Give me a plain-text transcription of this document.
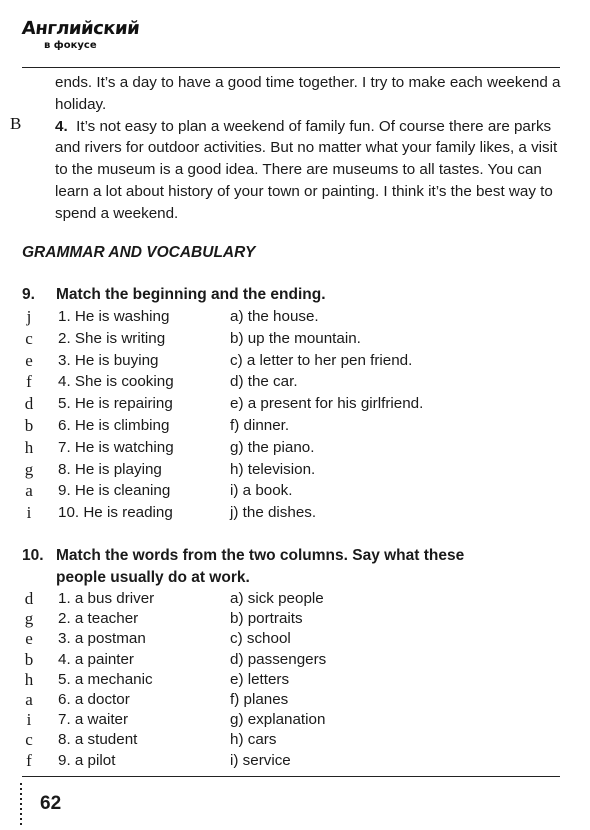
Английский
в фокусе
B

ends. It’s a day to have a good time together. I try to make each weekend a holiday.

4. It’s not easy to plan a weekend of family fun. Of course there are parks and rivers for outdoor activities. But no matter what your family likes, a visit to the museum is a good idea. There are museums to all tastes. You can learn a lot about history of your town or painting. I think it’s the best way to spend a weekend.

GRAMMAR AND VOCABULARY
9. Match the beginning and the ending.
j	1. He is washing	a) the house.
c	2. She is writing	b) up the mountain.
e	3. He is buying	c) a letter to her pen friend.
f	4. She is cooking	d) the car.
d	5. He is repairing	e) a present for his girlfriend.
b	6. He is climbing	f) dinner.
h	7. He is watching	g) the piano.
g	8. He is playing	h) television.
a	9. He is cleaning	i) a book.
i	10. He is reading	j) the dishes.
10. Match the words from the two columns. Say what these
people usually do at work.
d	1. a bus driver	a) sick people
g	2. a teacher	b) portraits
e	3. a postman	c) school
b	4. a painter	d) passengers
h	5. a mechanic	e) letters
a	6. a doctor	f) planes
i	7. a waiter	g) explanation
c	8. a student	h) cars
f	9. a pilot	i) service
62
